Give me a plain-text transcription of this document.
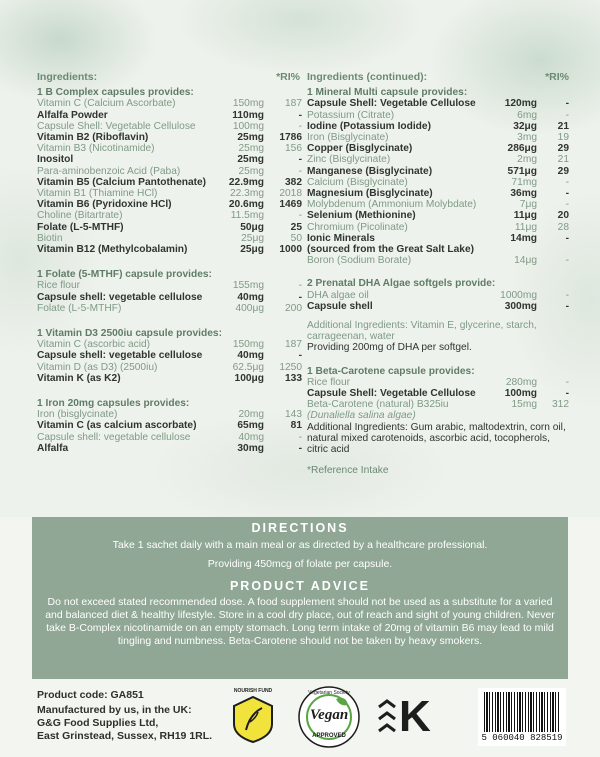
Ingredients:	*RI%
1 B Complex capsules provides:
Vitamin C (Calcium Ascorbate)	150mg	187
Alfalfa Powder	110mg	-
Capsule Shell: Vegetable Cellulose	100mg	-
Vitamin B2 (Riboflavin)	25mg	1786
Vitamin B3 (Nicotinamide)	25mg	156
Inositol	25mg	-
Para-aminobenzoic Acid (Paba)	25mg	-
Vitamin B5 (Calcium Pantothenate)	22.9mg	382
Vitamin B1 (Thiamine HCl)	22.3mg	2018
Vitamin B6 (Pyridoxine HCl)	20.6mg	1469
Choline (Bitartrate)	11.5mg	-
Folate (L-5-MTHF)	50μg	25
Biotin	25μg	50
Vitamin B12 (Methylcobalamin)	25μg	1000
1 Folate (5-MTHF) capsule provides:
Rice flour	155mg	-
Capsule shell: vegetable cellulose	40mg	-
Folate (L-5-MTHF)	400μg	200
1 Vitamin D3 2500iu capsule provides:
Vitamin C (ascorbic acid)	150mg	187
Capsule shell: vegetable cellulose	40mg	-
Vitamin D (as D3) (2500iu)	62.5μg	1250
Vitamin K (as K2)	100μg	133
1 Iron 20mg capsules provides:
Iron (bisglycinate)	20mg	143
Vitamin C (as calcium ascorbate)	65mg	81
Capsule shell: vegetable cellulose	40mg	-
Alfalfa	30mg	-
Ingredients (continued):	*RI%
1 Mineral Multi capsule provides:
Capsule Shell: Vegetable Cellulose	120mg	-
Potassium (Citrate)	6mg	-
Iodine (Potassium Iodide)	32μg	21
Iron (Bisglycinate)	3mg	19
Copper (Bisglycinate)	286μg	29
Zinc (Bisglycinate)	2mg	21
Manganese (Bisglycinate)	571μg	29
Calcium (Bisglycinate)	71mg	-
Magnesium (Bisglycinate)	36mg	-
Molybdenum (Ammonium Molybdate)	7μg	-
Selenium (Methionine)	11μg	20
Chromium (Picolinate)	11μg	28
Ionic Minerals	14mg	-
(sourced from the Great Salt Lake)
Boron (Sodium Borate)	14μg	-
2 Prenatal DHA Algae softgels provide:
DHA algae oil	1000mg	-
Capsule shell	300mg	-
Additional Ingredients: Vitamin E, glycerine, starch, carrageenan, water
Providing 200mg of DHA per softgel.
1 Beta-Carotene capsule provides:
Rice flour	280mg	-
Capsule Shell: Vegetable Cellulose	100mg	-
Beta-Carotene (natural) B325iu	15mg	312
(Dunaliella salina algae)
Additional Ingredients: Gum arabic, maltodextrin, corn oil, natural mixed carotenoids, ascorbic acid, tocopherols, citric acid
*Reference Intake
DIRECTIONS
Take 1 sachet daily with a main meal or as directed by a healthcare professional.
Providing 450mcg of folate per capsule.
PRODUCT ADVICE
Do not exceed stated recommended dose. A food supplement should not be used as a substitute for a varied and balanced diet & healthy lifestyle. Store in a cool dry place, out of reach and sight of young children. Never take B-Complex nicotinamide on an empty stomach. Long term intake of 20mg of vitamin B6 may lead to mild tingling and numbness. Beta-Carotene should not be taken by heavy smokers.
Product code: GA851
Manufactured by us, in the UK:
G&G Food Supplies Ltd,
East Grinstead, Sussex, RH19 1RL.
NOURISH FUND	Vegetarian Society
Vegan
APPROVED	K	5 060040 828519
